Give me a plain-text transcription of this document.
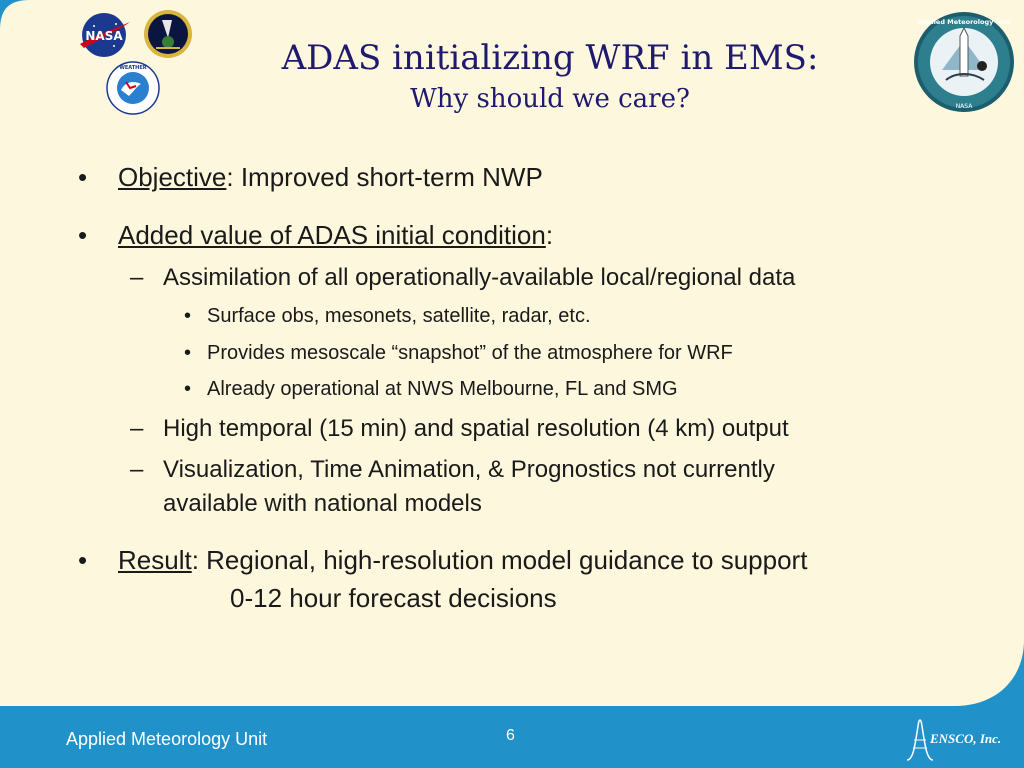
NASA
WEATHER
Applied Meteorology Unit
NASA
ADAS initializing WRF in EMS:
Why should we care?
• Objective: Improved short-term NWP
• Added value of ADAS initial condition:
– Assimilation of all operationally-available local/regional data
• Surface obs, mesonets, satellite, radar, etc.
• Provides mesoscale “snapshot” of the atmosphere for WRF
• Already operational at NWS Melbourne, FL and SMG
– High temporal (15 min) and spatial resolution (4 km) output
– Visualization, Time Animation, & Prognostics not currently
available with national models
• Result: Regional, high-resolution model guidance to support
0-12 hour forecast decisions
Applied Meteorology Unit	6	ENSCO, Inc.
